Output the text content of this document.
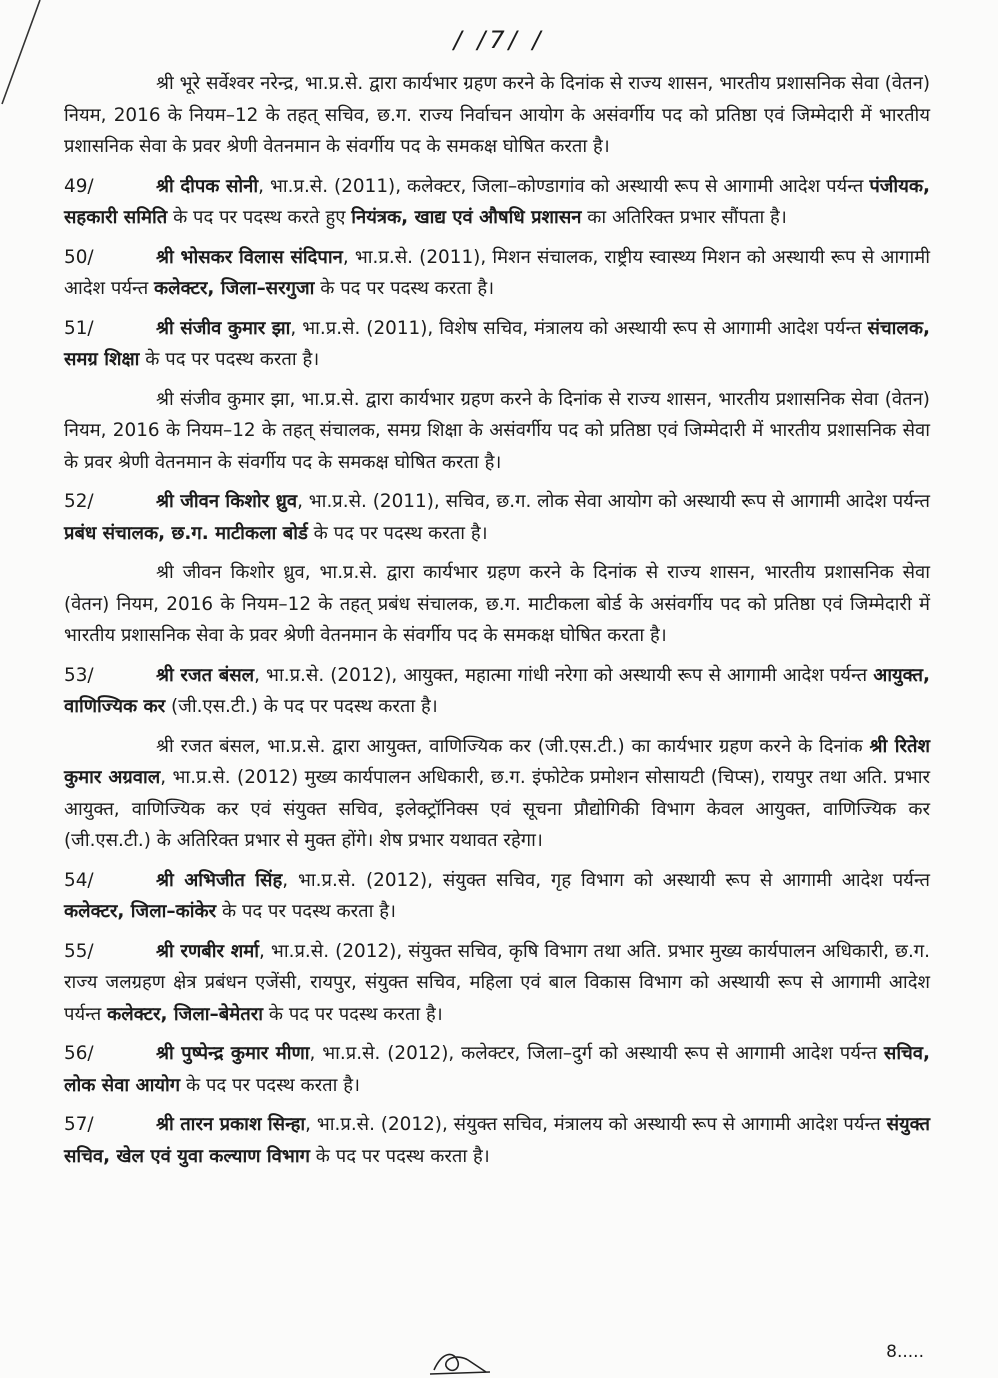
/ /7/ /
श्री भूरे सर्वेश्वर नरेन्द्र, भा.प्र.से. द्वारा कार्यभार ग्रहण करने के दिनांक से राज्य शासन, भारतीय प्रशासनिक सेवा (वेतन) नियम, 2016 के नियम–12 के तहत् सचिव, छ.ग. राज्य निर्वाचन आयोग के असंवर्गीय पद को प्रतिष्ठा एवं जिम्मेदारी में भारतीय प्रशासनिक सेवा के प्रवर श्रेणी वेतनमान के संवर्गीय पद के समकक्ष घोषित करता है।
49/	श्री दीपक सोनी, भा.प्र.से. (2011), कलेक्टर, जिला–कोण्डागांव को अस्थायी रूप से आगामी आदेश पर्यन्त पंजीयक, सहकारी समिति के पद पर पदस्थ करते हुए नियंत्रक, खाद्य एवं औषधि प्रशासन का अतिरिक्त प्रभार सौंपता है।
50/	श्री भोसकर विलास संदिपान, भा.प्र.से. (2011), मिशन संचालक, राष्ट्रीय स्वास्थ्य मिशन को अस्थायी रूप से आगामी आदेश पर्यन्त कलेक्टर, जिला–सरगुजा के पद पर पदस्थ करता है।
51/	श्री संजीव कुमार झा, भा.प्र.से. (2011), विशेष सचिव, मंत्रालय को अस्थायी रूप से आगामी आदेश पर्यन्त संचालक, समग्र शिक्षा के पद पर पदस्थ करता है।
श्री संजीव कुमार झा, भा.प्र.से. द्वारा कार्यभार ग्रहण करने के दिनांक से राज्य शासन, भारतीय प्रशासनिक सेवा (वेतन) नियम, 2016 के नियम–12 के तहत् संचालक, समग्र शिक्षा के असंवर्गीय पद को प्रतिष्ठा एवं जिम्मेदारी में भारतीय प्रशासनिक सेवा के प्रवर श्रेणी वेतनमान के संवर्गीय पद के समकक्ष घोषित करता है।
52/	श्री जीवन किशोर ध्रुव, भा.प्र.से. (2011), सचिव, छ.ग. लोक सेवा आयोग को अस्थायी रूप से आगामी आदेश पर्यन्त प्रबंध संचालक, छ.ग. माटीकला बोर्ड के पद पर पदस्थ करता है।
श्री जीवन किशोर ध्रुव, भा.प्र.से. द्वारा कार्यभार ग्रहण करने के दिनांक से राज्य शासन, भारतीय प्रशासनिक सेवा (वेतन) नियम, 2016 के नियम–12 के तहत् प्रबंध संचालक, छ.ग. माटीकला बोर्ड के असंवर्गीय पद को प्रतिष्ठा एवं जिम्मेदारी में भारतीय प्रशासनिक सेवा के प्रवर श्रेणी वेतनमान के संवर्गीय पद के समकक्ष घोषित करता है।
53/	श्री रजत बंसल, भा.प्र.से. (2012), आयुक्त, महात्मा गांधी नरेगा को अस्थायी रूप से आगामी आदेश पर्यन्त आयुक्त, वाणिज्यिक कर (जी.एस.टी.) के पद पर पदस्थ करता है।
श्री रजत बंसल, भा.प्र.से. द्वारा आयुक्त, वाणिज्यिक कर (जी.एस.टी.) का कार्यभार ग्रहण करने के दिनांक श्री रितेश कुमार अग्रवाल, भा.प्र.से. (2012) मुख्य कार्यपालन अधिकारी, छ.ग. इंफोटेक प्रमोशन सोसायटी (चिप्स), रायपुर तथा अति. प्रभार आयुक्त, वाणिज्यिक कर एवं संयुक्त सचिव, इलेक्ट्रॉनिक्स एवं सूचना प्रौद्योगिकी विभाग केवल आयुक्त, वाणिज्यिक कर (जी.एस.टी.) के अतिरिक्त प्रभार से मुक्त होंगे। शेष प्रभार यथावत रहेगा।
54/	श्री अभिजीत सिंह, भा.प्र.से. (2012), संयुक्त सचिव, गृह विभाग को अस्थायी रूप से आगामी आदेश पर्यन्त कलेक्टर, जिला–कांकेर के पद पर पदस्थ करता है।
55/	श्री रणबीर शर्मा, भा.प्र.से. (2012), संयुक्त सचिव, कृषि विभाग तथा अति. प्रभार मुख्य कार्यपालन अधिकारी, छ.ग. राज्य जलग्रहण क्षेत्र प्रबंधन एजेंसी, रायपुर, संयुक्त सचिव, महिला एवं बाल विकास विभाग को अस्थायी रूप से आगामी आदेश पर्यन्त कलेक्टर, जिला–बेमेतरा के पद पर पदस्थ करता है।
56/	श्री पुष्पेन्द्र कुमार मीणा, भा.प्र.से. (2012), कलेक्टर, जिला–दुर्ग को अस्थायी रूप से आगामी आदेश पर्यन्त सचिव, लोक सेवा आयोग के पद पर पदस्थ करता है।
57/	श्री तारन प्रकाश सिन्हा, भा.प्र.से. (2012), संयुक्त सचिव, मंत्रालय को अस्थायी रूप से आगामी आदेश पर्यन्त संयुक्त सचिव, खेल एवं युवा कल्याण विभाग के पद पर पदस्थ करता है।
8.....
